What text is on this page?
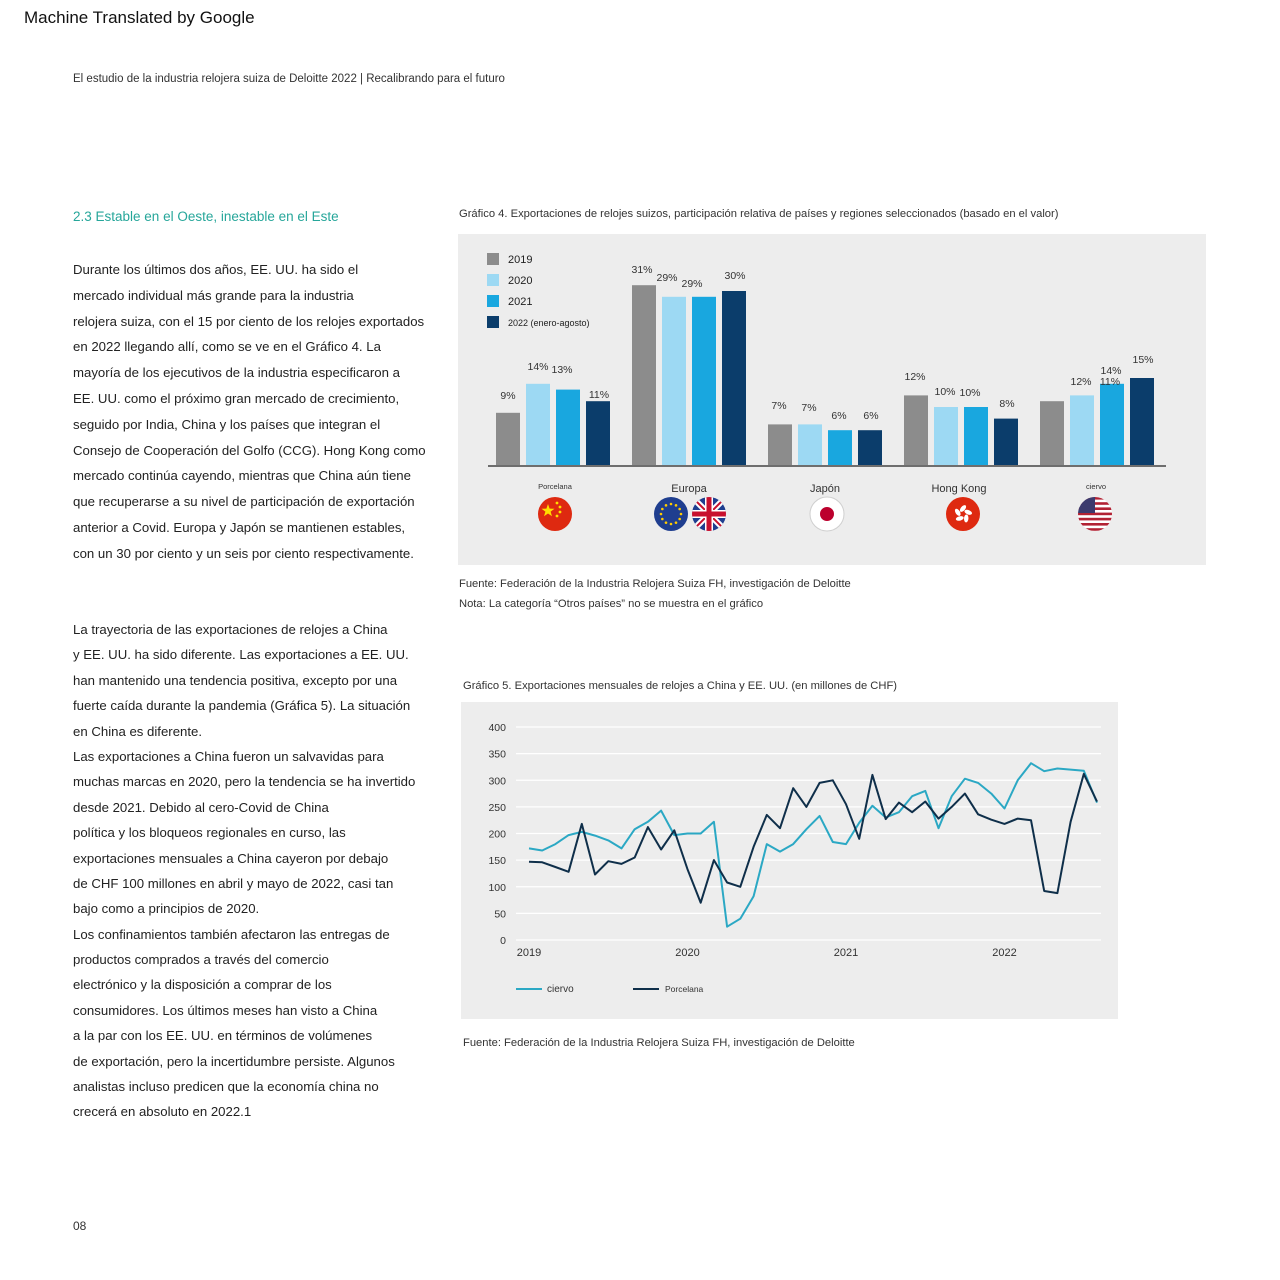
Machine Translated by Google
El estudio de la industria relojera suiza de Deloitte 2022 | Recalibrando para el futuro
2.3 Estable en el Oeste, inestable en el Este
Durante los últimos dos años, EE. UU. ha sido el
mercado individual más grande para la industria
relojera suiza, con el 15 por ciento de los relojes exportados
en 2022 llegando allí, como se ve en el Gráfico 4. La
mayoría de los ejecutivos de la industria especificaron a
EE. UU. como el próximo gran mercado de crecimiento,
seguido por India, China y los países que integran el
Consejo de Cooperación del Golfo (CCG). Hong Kong como
mercado continúa cayendo, mientras que China aún tiene
que recuperarse a su nivel de participación de exportación
anterior a Covid. Europa y Japón se mantienen estables,
con un 30 por ciento y un seis por ciento respectivamente.
La trayectoria de las exportaciones de relojes a China
y EE. UU. ha sido diferente. Las exportaciones a EE. UU.
han mantenido una tendencia positiva, excepto por una
fuerte caída durante la pandemia (Gráfica 5). La situación
en China es diferente.
Las exportaciones a China fueron un salvavidas para
muchas marcas en 2020, pero la tendencia se ha invertido
desde 2021. Debido al cero-Covid de China
política y los bloqueos regionales en curso, las
exportaciones mensuales a China cayeron por debajo
de CHF 100 millones en abril y mayo de 2022, casi tan
bajo como a principios de 2020.
Los confinamientos también afectaron las entregas de
productos comprados a través del comercio
electrónico y la disposición a comprar de los
consumidores. Los últimos meses han visto a China
a la par con los EE. UU. en términos de volúmenes
de exportación, pero la incertidumbre persiste. Algunos
analistas incluso predicen que la economía china no
crecerá en absoluto en 2022.1
Gráfico 4. Exportaciones de relojes suizos, participación relativa de países y regiones seleccionados (basado en el valor)
2019
2020
2021
2022 (enero-agosto)
9%
14% 13%
11%
31%
29% 29%
30%
7% 7%
6% 6%
12%
10% 10%
8%
12% 11%
14%
15%
Porcelana	Europa	Japón	Hong Kong	ciervo
Fuente: Federación de la Industria Relojera Suiza FH, investigación de Deloitte
Nota: La categoría “Otros países” no se muestra en el gráfico
Gráfico 5. Exportaciones mensuales de relojes a China y EE. UU. (en millones de CHF)
0
50
100
150
200
250
300
350
400
2019	2020	2021	2022
ciervo	Porcelana
Fuente: Federación de la Industria Relojera Suiza FH, investigación de Deloitte
08
